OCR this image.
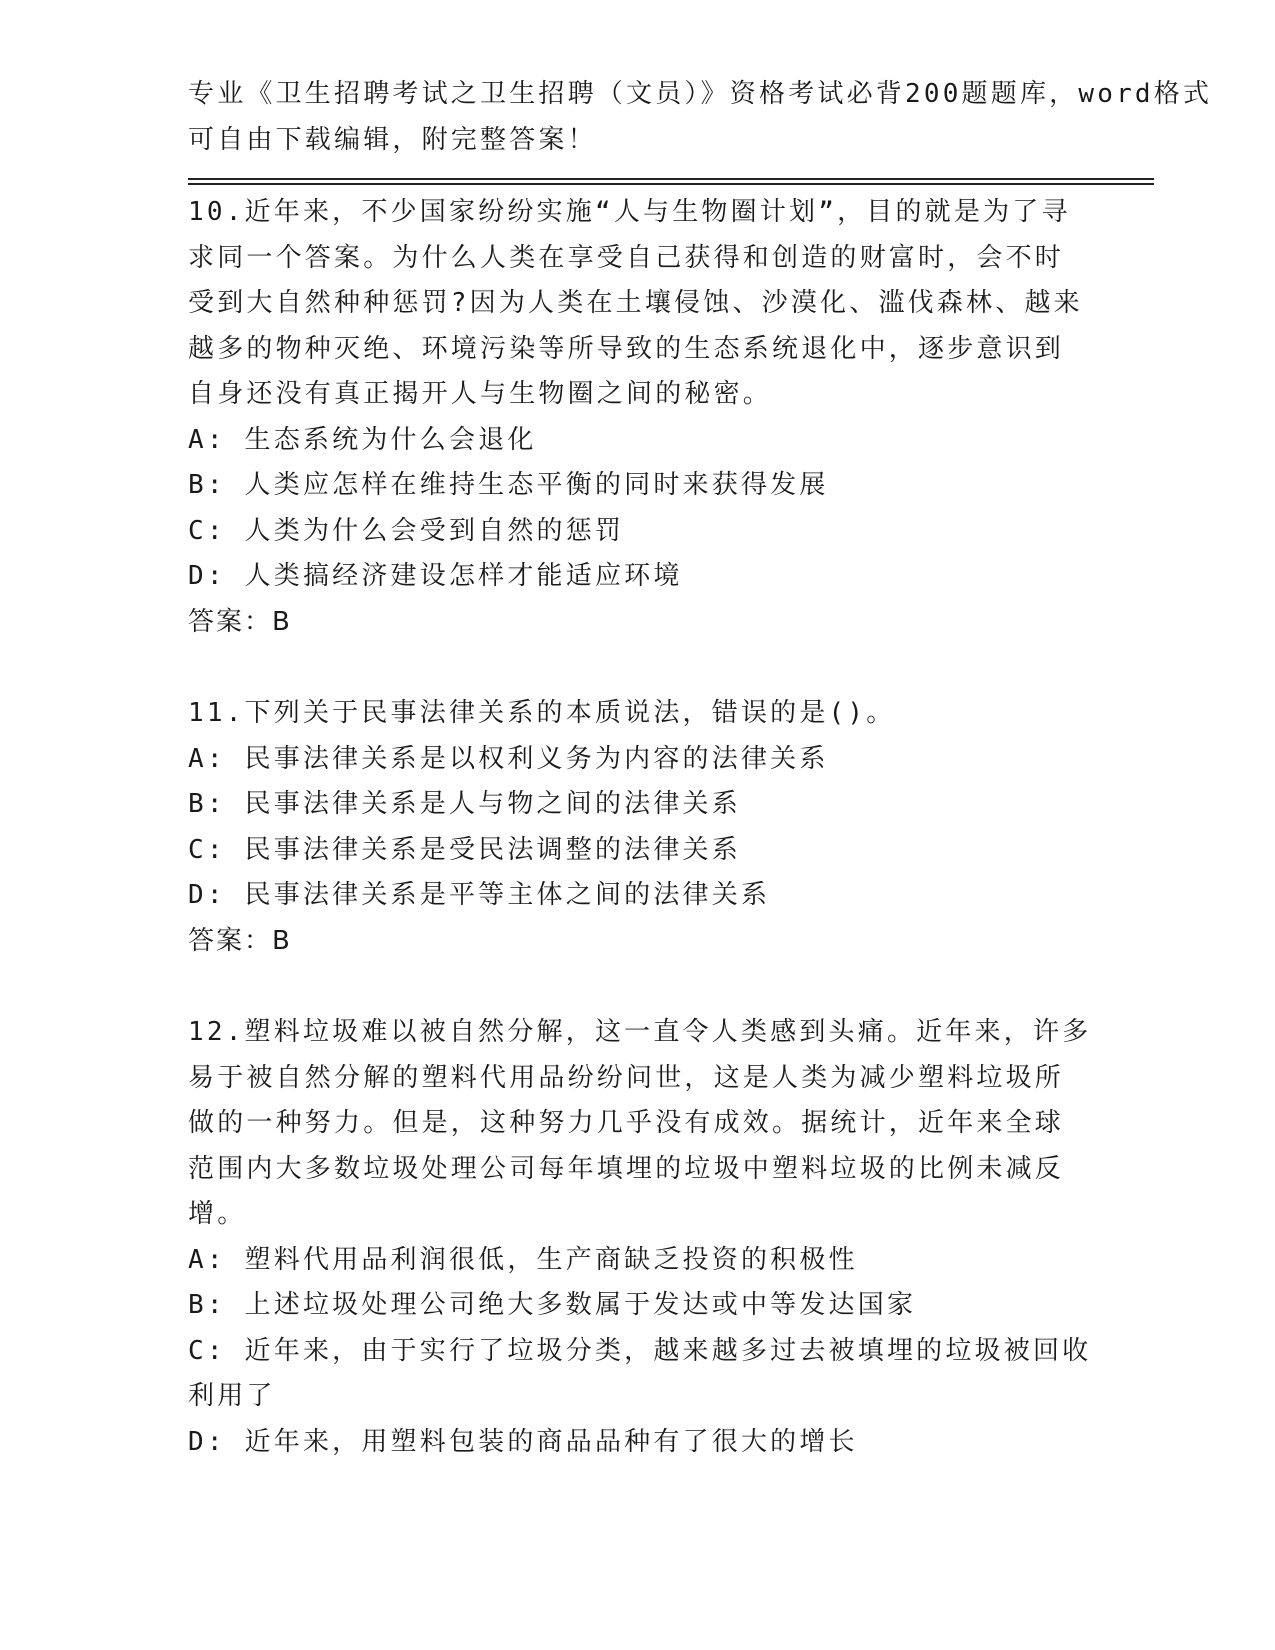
专业《卫生招聘考试之卫生招聘（文员）》资格考试必背200题题库，word格式
可自由下载编辑，附完整答案！
10.近年来，不少国家纷纷实施“人与生物圈计划”，目的就是为了寻
求同一个答案。为什么人类在享受自己获得和创造的财富时，会不时
受到大自然种种惩罚?因为人类在土壤侵蚀、沙漠化、滥伐森林、越来
越多的物种灭绝、环境污染等所导致的生态系统退化中，逐步意识到
自身还没有真正揭开人与生物圈之间的秘密。
A: 生态系统为什么会退化
B: 人类应怎样在维持生态平衡的同时来获得发展
C: 人类为什么会受到自然的惩罚
D: 人类搞经济建设怎样才能适应环境
答案：B
11.下列关于民事法律关系的本质说法，错误的是()。
A: 民事法律关系是以权利义务为内容的法律关系
B: 民事法律关系是人与物之间的法律关系
C: 民事法律关系是受民法调整的法律关系
D: 民事法律关系是平等主体之间的法律关系
答案：B
12.塑料垃圾难以被自然分解，这一直令人类感到头痛。近年来，许多
易于被自然分解的塑料代用品纷纷问世，这是人类为减少塑料垃圾所
做的一种努力。但是，这种努力几乎没有成效。据统计，近年来全球
范围内大多数垃圾处理公司每年填埋的垃圾中塑料垃圾的比例未减反
增。
A: 塑料代用品利润很低，生产商缺乏投资的积极性
B: 上述垃圾处理公司绝大多数属于发达或中等发达国家
C: 近年来，由于实行了垃圾分类，越来越多过去被填埋的垃圾被回收
利用了
D: 近年来，用塑料包装的商品品种有了很大的增长
